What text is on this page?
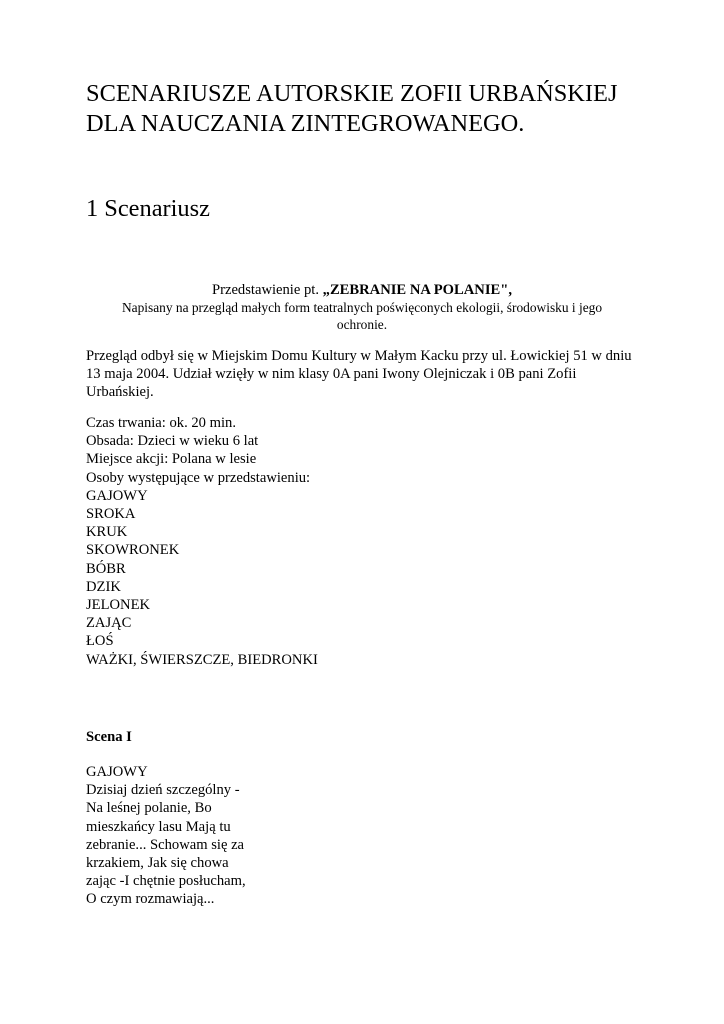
SCENARIUSZE AUTORSKIE ZOFII URBAŃSKIEJ DLA NAUCZANIA ZINTEGROWANEGO.
1 Scenariusz
Przedstawienie pt. „ZEBRANIE NA POLANIE",
Napisany na przegląd małych form teatralnych poświęconych ekologii, środowisku i jego
ochronie.
Przegląd odbył się w Miejskim Domu Kultury w Małym Kacku przy ul. Łowickiej 51 w dniu 13 maja 2004. Udział wzięły w nim klasy 0A pani Iwony Olejniczak i 0B pani Zofii Urbańskiej.
Czas trwania: ok. 20 min.
Obsada: Dzieci w wieku 6 lat
Miejsce akcji: Polana w lesie
Osoby występujące w przedstawieniu:
GAJOWY
SROKA
KRUK
SKOWRONEK
BÓBR
DZIK
JELONEK
ZAJĄC
ŁOŚ
WAŻKI, ŚWIERSZCZE, BIEDRONKI
Scena I
GAJOWY
Dzisiaj dzień szczególny -
Na leśnej polanie, Bo
mieszkańcy lasu Mają tu
zebranie... Schowam się za
krzakiem, Jak się chowa
zając -I chętnie posłucham,
O czym rozmawiają...
